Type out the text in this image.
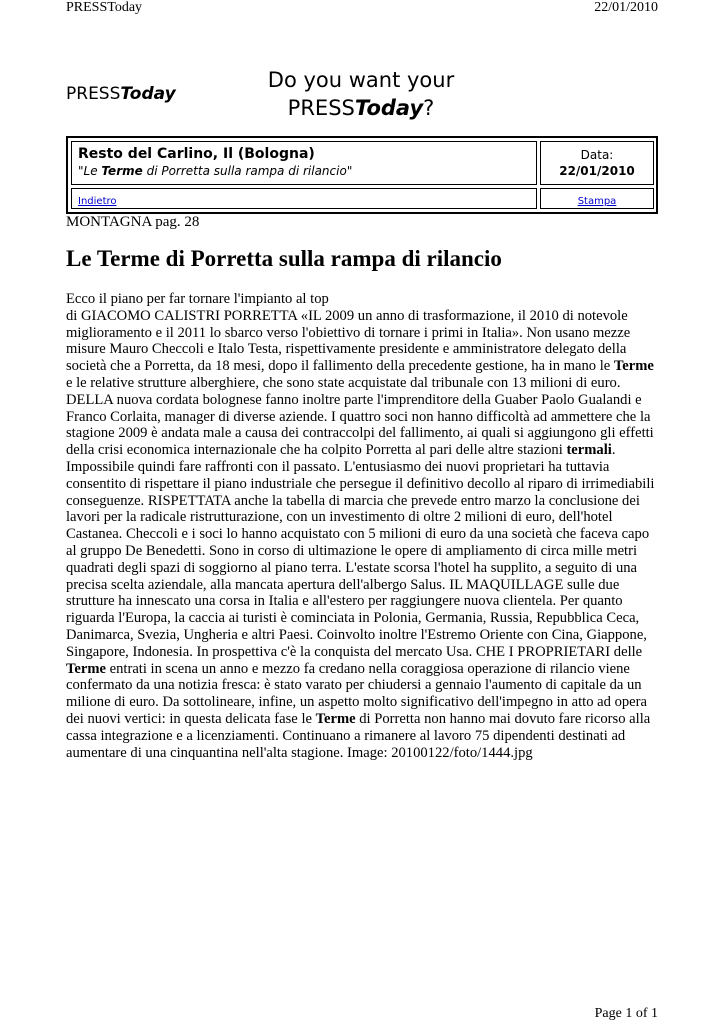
PRESSToday	22/01/2010
PRESSToday
Do you want your
PRESSToday?
Resto del Carlino, Il (Bologna)
"Le Terme di Porretta sulla rampa di rilancio"
Data:
22/01/2010
Indietro	Stampa
MONTAGNA pag. 28
Le Terme di Porretta sulla rampa di rilancio
Ecco il piano per far tornare l'impianto al top
di GIACOMO CALISTRI PORRETTA «IL 2009 un anno di trasformazione, il 2010 di notevole miglioramento e il 2011 lo sbarco verso l'obiettivo di tornare i primi in Italia». Non usano mezze misure Mauro Checcoli e Italo Testa, rispettivamente presidente e amministratore delegato della società che a Porretta, da 18 mesi, dopo il fallimento della precedente gestione, ha in mano le Terme e le relative strutture alberghiere, che sono state acquistate dal tribunale con 13 milioni di euro. DELLA nuova cordata bolognese fanno inoltre parte l'imprenditore della Guaber Paolo Gualandi e Franco Corlaita, manager di diverse aziende. I quattro soci non hanno difficoltà ad ammettere che la stagione 2009 è andata male a causa dei contraccolpi del fallimento, ai quali si aggiungono gli effetti della crisi economica internazionale che ha colpito Porretta al pari delle altre stazioni termali. Impossibile quindi fare raffronti con il passato. L'entusiasmo dei nuovi proprietari ha tuttavia consentito di rispettare il piano industriale che persegue il definitivo decollo al riparo di irrimediabili conseguenze. RISPETTATA anche la tabella di marcia che prevede entro marzo la conclusione dei lavori per la radicale ristrutturazione, con un investimento di oltre 2 milioni di euro, dell'hotel Castanea. Checcoli e i soci lo hanno acquistato con 5 milioni di euro da una società che faceva capo al gruppo De Benedetti. Sono in corso di ultimazione le opere di ampliamento di circa mille metri quadrati degli spazi di soggiorno al piano terra. L'estate scorsa l'hotel ha supplito, a seguito di una precisa scelta aziendale, alla mancata apertura dell'albergo Salus. IL MAQUILLAGE sulle due strutture ha innescato una corsa in Italia e all'estero per raggiungere nuova clientela. Per quanto riguarda l'Europa, la caccia ai turisti è cominciata in Polonia, Germania, Russia, Repubblica Ceca, Danimarca, Svezia, Ungheria e altri Paesi. Coinvolto inoltre l'Estremo Oriente con Cina, Giappone, Singapore, Indonesia. In prospettiva c'è la conquista del mercato Usa. CHE I PROPRIETARI delle Terme entrati in scena un anno e mezzo fa credano nella coraggiosa operazione di rilancio viene confermato da una notizia fresca: è stato varato per chiudersi a gennaio l'aumento di capitale da un milione di euro. Da sottolineare, infine, un aspetto molto significativo dell'impegno in atto ad opera dei nuovi vertici: in questa delicata fase le Terme di Porretta non hanno mai dovuto fare ricorso alla cassa integrazione e a licenziamenti. Continuano a rimanere al lavoro 75 dipendenti destinati ad aumentare di una cinquantina nell'alta stagione. Image: 20100122/foto/1444.jpg
Page 1 of 1
